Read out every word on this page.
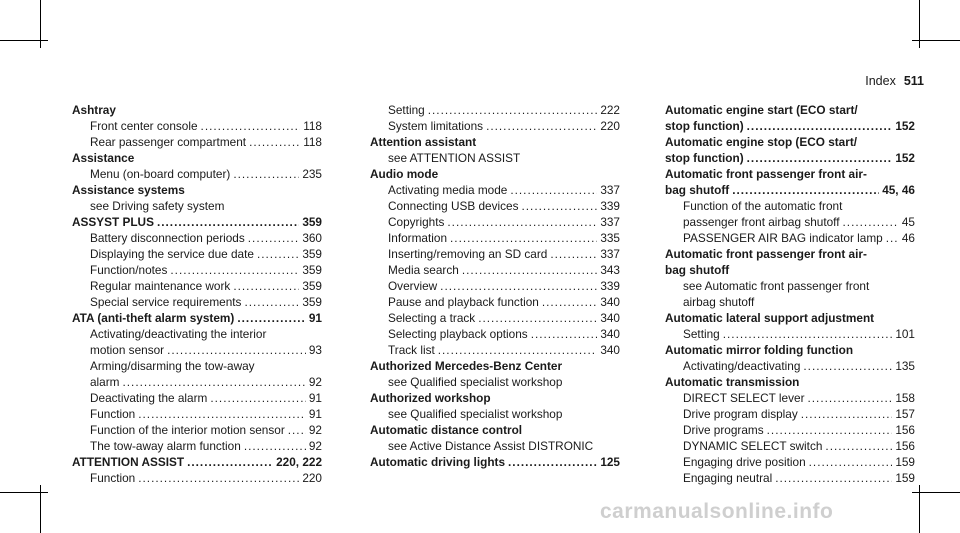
Index 511
Ashtray
Front center console .....	118
Rear passenger compartment .....	118
Assistance
Menu (on-board computer) .....	235
Assistance systems
see Driving safety system
ASSYST PLUS .....	359
Battery disconnection periods .....	360
Displaying the service due date .....	359
Function/notes .....	359
Regular maintenance work .....	359
Special service requirements .....	359
ATA (anti-theft alarm system) .....	91
Activating/deactivating the interior
motion sensor .....	93
Arming/disarming the tow-away
alarm .....	92
Deactivating the alarm .....	91
Function .....	91
Function of the interior motion sensor ..... 92
The tow-away alarm function .....	92
ATTENTION ASSIST .....	220, 222
Function .....	220
Setting .....	222
System limitations .....	220
Attention assistant
see ATTENTION ASSIST
Audio mode
Activating media mode .....	337
Connecting USB devices .....	339
Copyrights .....	337
Information .....	335
Inserting/removing an SD card .....	337
Media search .....	343
Overview .....	339
Pause and playback function .....	340
Selecting a track .....	340
Selecting playback options .....	340
Track list .....	340
Authorized Mercedes-Benz Center
see Qualified specialist workshop
Authorized workshop
see Qualified specialist workshop
Automatic distance control
see Active Distance Assist DISTRONIC
Automatic driving lights .....	125
Automatic engine start (ECO start/
stop function) .....	152
Automatic engine stop (ECO start/
stop function) .....	152
Automatic front passenger front air-
bag shutoff .....	45, 46
Function of the automatic front
passenger front airbag shutoff .....	45
PASSENGER AIR BAG indicator lamp ..... 46
Automatic front passenger front air-
bag shutoff
see Automatic front passenger front
airbag shutoff
Automatic lateral support adjustment
Setting .....	101
Automatic mirror folding function
Activating/deactivating .....	135
Automatic transmission
DIRECT SELECT lever .....	158
Drive program display .....	157
Drive programs .....	156
DYNAMIC SELECT switch .....	156
Engaging drive position .....	159
Engaging neutral .....	159
carmanualsonline.info
